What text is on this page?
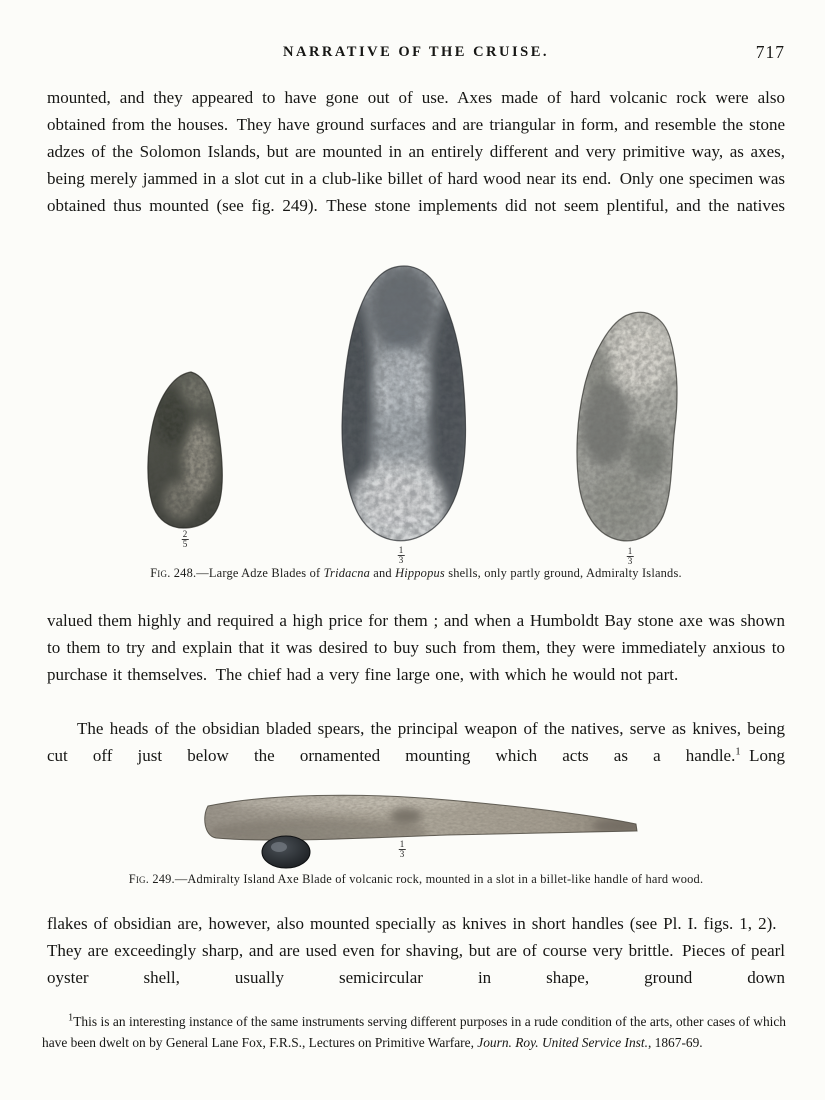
NARRATIVE OF THE CRUISE.	717

mounted, and they appeared to have gone out of use. Axes made of hard volcanic rock were also obtained from the houses. They have ground surfaces and are triangular in form, and resemble the stone adzes of the Solomon Islands, but are mounted in an entirely different and very primitive way, as axes, being merely jammed in a slot cut in a club-like billet of hard wood near its end. Only one specimen was obtained thus mounted (see fig. 249). These stone implements did not seem plentiful, and the natives

$\frac{2}{5}$
$\frac{1}{3}$	$\frac{1}{3}$

Fig. 248.—Large Adze Blades of Tridacna and Hippopus shells, only partly ground, Admiralty Islands.

valued them highly and required a high price for them ; and when a Humboldt Bay stone axe was shown to them to try and explain that it was desired to buy such from them, they were immediately anxious to purchase it themselves. The chief had a very fine large one, with which he would not part.

The heads of the obsidian bladed spears, the principal weapon of the natives, serve as knives, being cut off just below the ornamented mounting which acts as a handle.$^1$ Long

$\frac{1}{3}$

Fig. 249.—Admiralty Island Axe Blade of volcanic rock, mounted in a slot in a billet-like handle of hard wood.

flakes of obsidian are, however, also mounted specially as knives in short handles (see Pl. I. figs. 1, 2). They are exceedingly sharp, and are used even for shaving, but are of course very brittle. Pieces of pearl oyster shell, usually semicircular in shape, ground down

$^1$This is an interesting instance of the same instruments serving different purposes in a rude condition of the arts, other cases of which have been dwelt on by General Lane Fox, F.R.S., Lectures on Primitive Warfare, Journ. Roy. United Service Inst., 1867-69.
